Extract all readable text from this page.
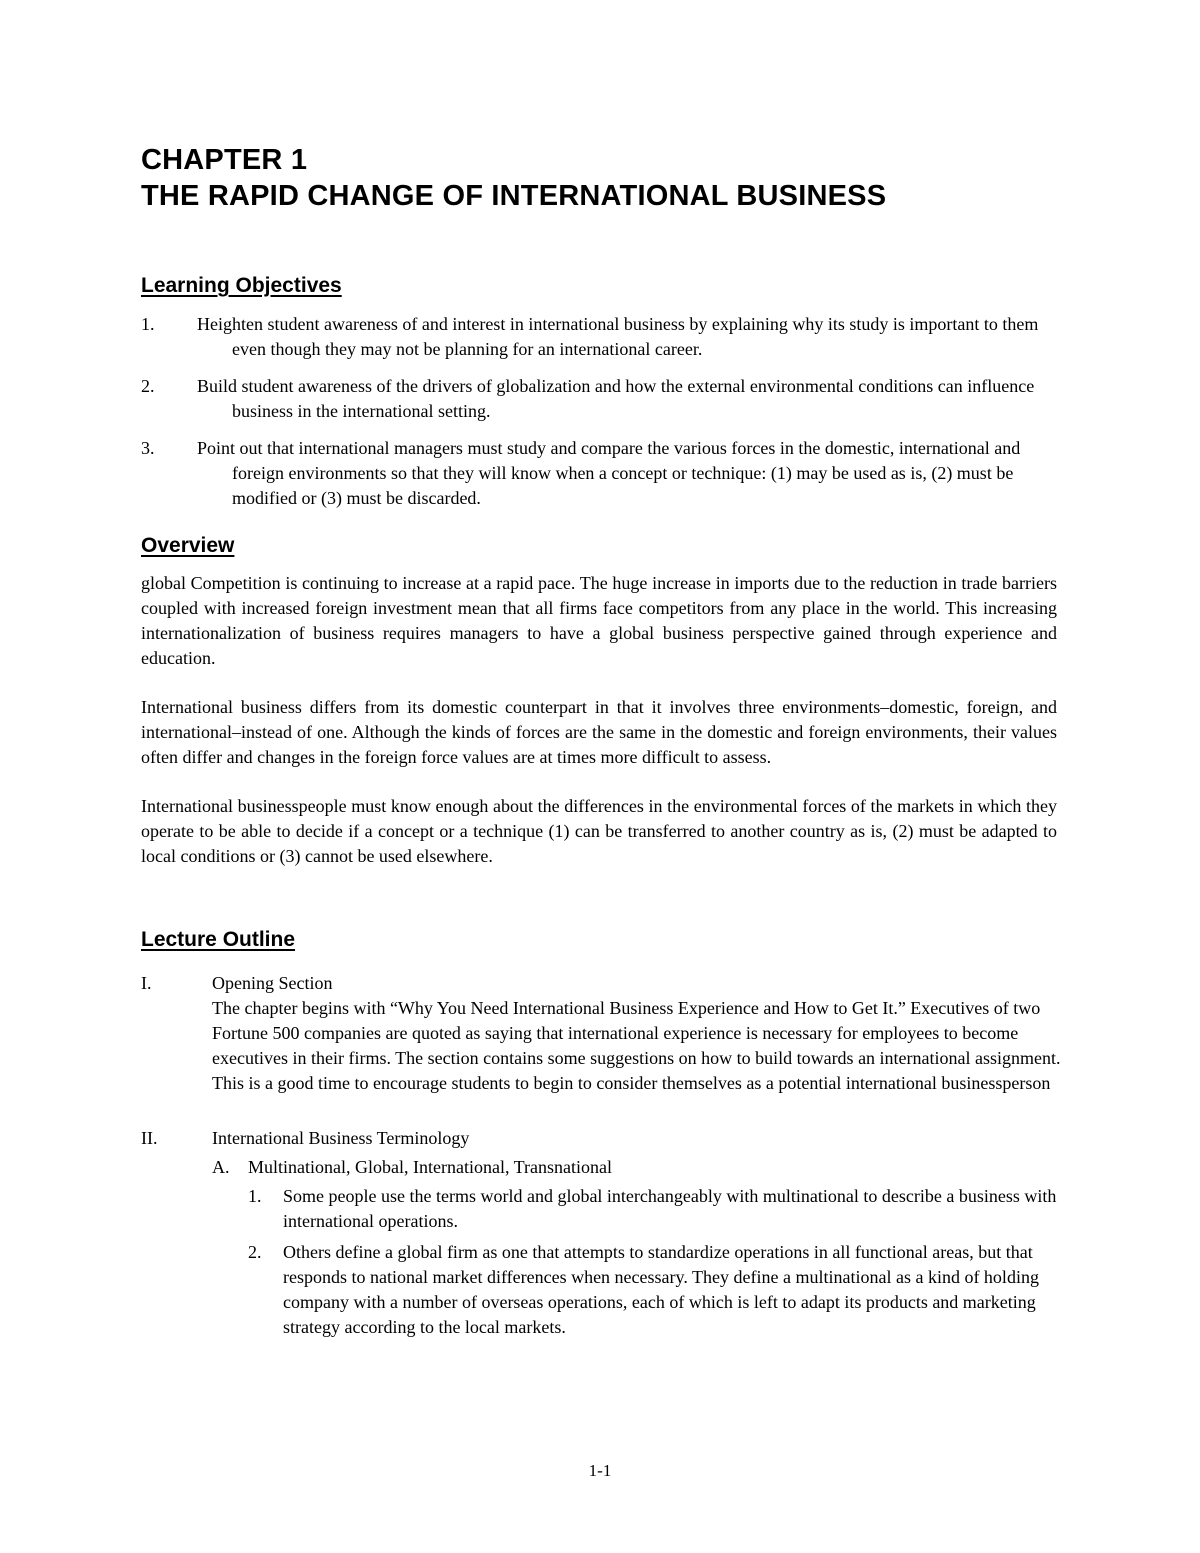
CHAPTER 1
THE RAPID CHANGE OF INTERNATIONAL BUSINESS
Learning Objectives
1. Heighten student awareness of and interest in international business by explaining why its study is important to them even though they may not be planning for an international career.
2. Build student awareness of the drivers of globalization and how the external environmental conditions can influence business in the international setting.
3. Point out that international managers must study and compare the various forces in the domestic, international and foreign environments so that they will know when a concept or technique: (1) may be used as is, (2) must be modified or (3) must be discarded.
Overview

global Competition is continuing to increase at a rapid pace. The huge increase in imports due to the reduction in trade barriers coupled with increased foreign investment mean that all firms face competitors from any place in the world. This increasing internationalization of business requires managers to have a global business perspective gained through experience and education.

International business differs from its domestic counterpart in that it involves three environments–domestic, foreign, and international–instead of one. Although the kinds of forces are the same in the domestic and foreign environments, their values often differ and changes in the foreign force values are at times more difficult to assess.

International businesspeople must know enough about the differences in the environmental forces of the markets in which they operate to be able to decide if a concept or a technique (1) can be transferred to another country as is, (2) must be adapted to local conditions or (3) cannot be used elsewhere.

Lecture Outline
I.	Opening Section
The chapter begins with “Why You Need International Business Experience and How to Get It.” Executives of two Fortune 500 companies are quoted as saying that international experience is necessary for employees to become executives in their firms. The section contains some suggestions on how to build towards an international assignment. This is a good time to encourage students to begin to consider themselves as a potential international businessperson
II.	International Business Terminology
A. Multinational, Global, International, Transnational
1. Some people use the terms world and global interchangeably with multinational to describe a business with international operations.
2. Others define a global firm as one that attempts to standardize operations in all functional areas, but that responds to national market differences when necessary. They define a multinational as a kind of holding company with a number of overseas operations, each of which is left to adapt its products and marketing strategy according to the local markets.
1-1
